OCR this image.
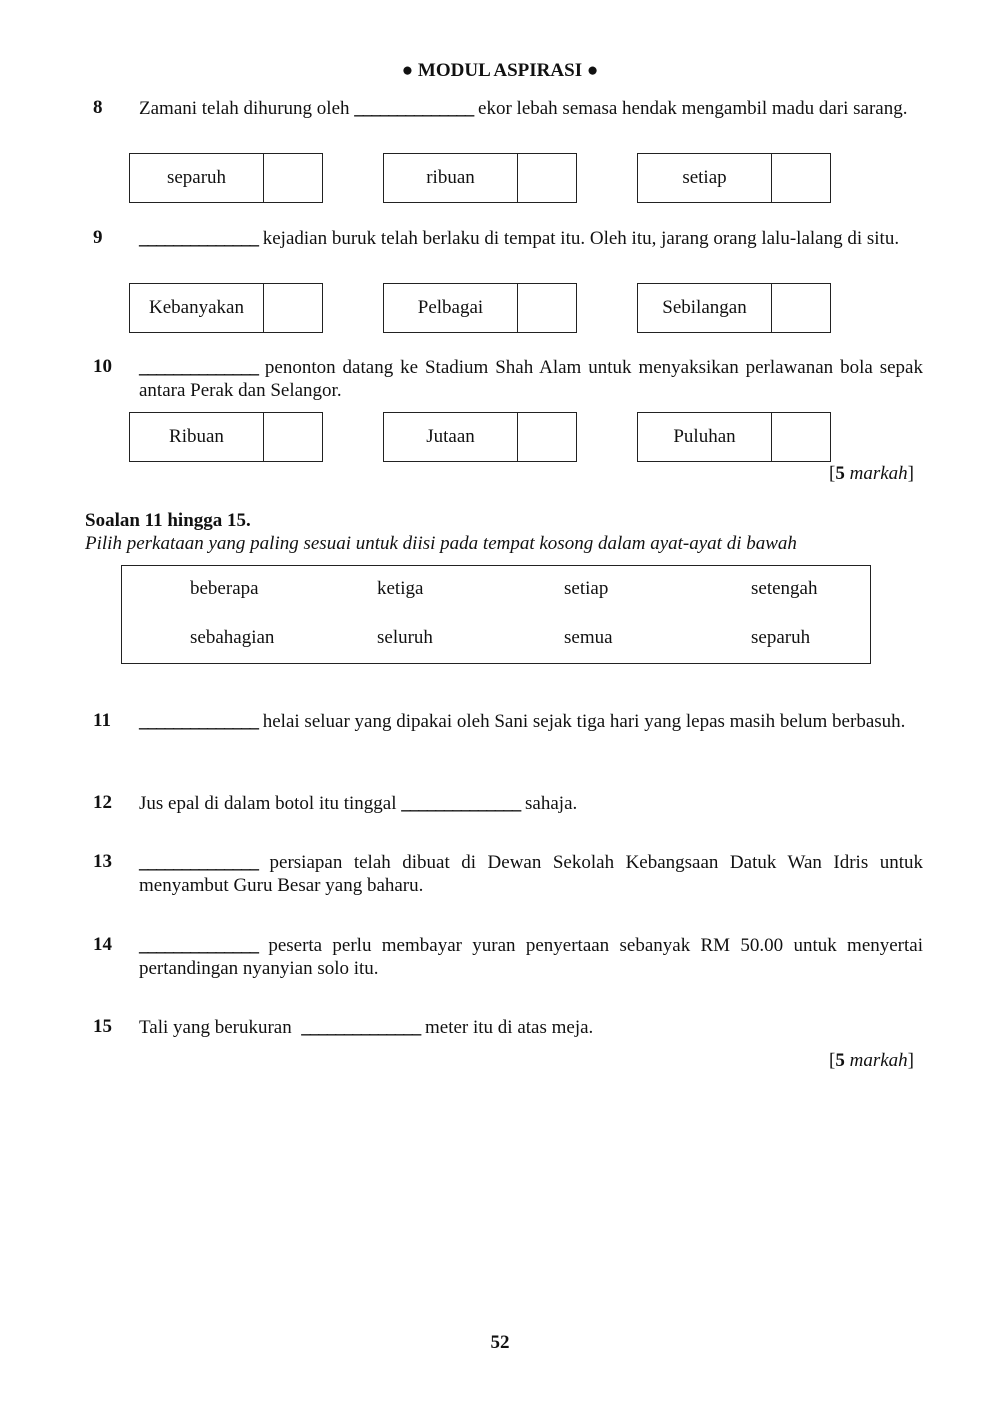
● MODUL ASPIRASI ●
8 Zamani telah dihurung oleh ______________ ekor lebah semasa hendak mengambil madu dari sarang.
separuh	ribuan	setiap
9 ______________ kejadian buruk telah berlaku di tempat itu. Oleh itu, jarang orang lalu-lalang di situ.
Kebanyakan	Pelbagai	Sebilangan
10 ______________ penonton datang ke Stadium Shah Alam untuk menyaksikan perlawanan bola sepak antara Perak dan Selangor.
Ribuan	Jutaan	Puluhan
[5 markah]
Soalan 11 hingga 15.
Pilih perkataan yang paling sesuai untuk diisi pada tempat kosong dalam ayat-ayat di bawah
beberapa	ketiga	setiap	setengah
sebahagian	seluruh	semua	separuh
11 ______________ helai seluar yang dipakai oleh Sani sejak tiga hari yang lepas masih belum berbasuh.
12 Jus epal di dalam botol itu tinggal ______________ sahaja.
13 ______________ persiapan telah dibuat di Dewan Sekolah Kebangsaan Datuk Wan Idris untuk menyambut Guru Besar yang baharu.
14 ______________ peserta perlu membayar yuran penyertaan sebanyak RM 50.00 untuk menyertai pertandingan nyanyian solo itu.
15 Tali yang berukuran ______________ meter itu di atas meja.
[5 markah]
52
